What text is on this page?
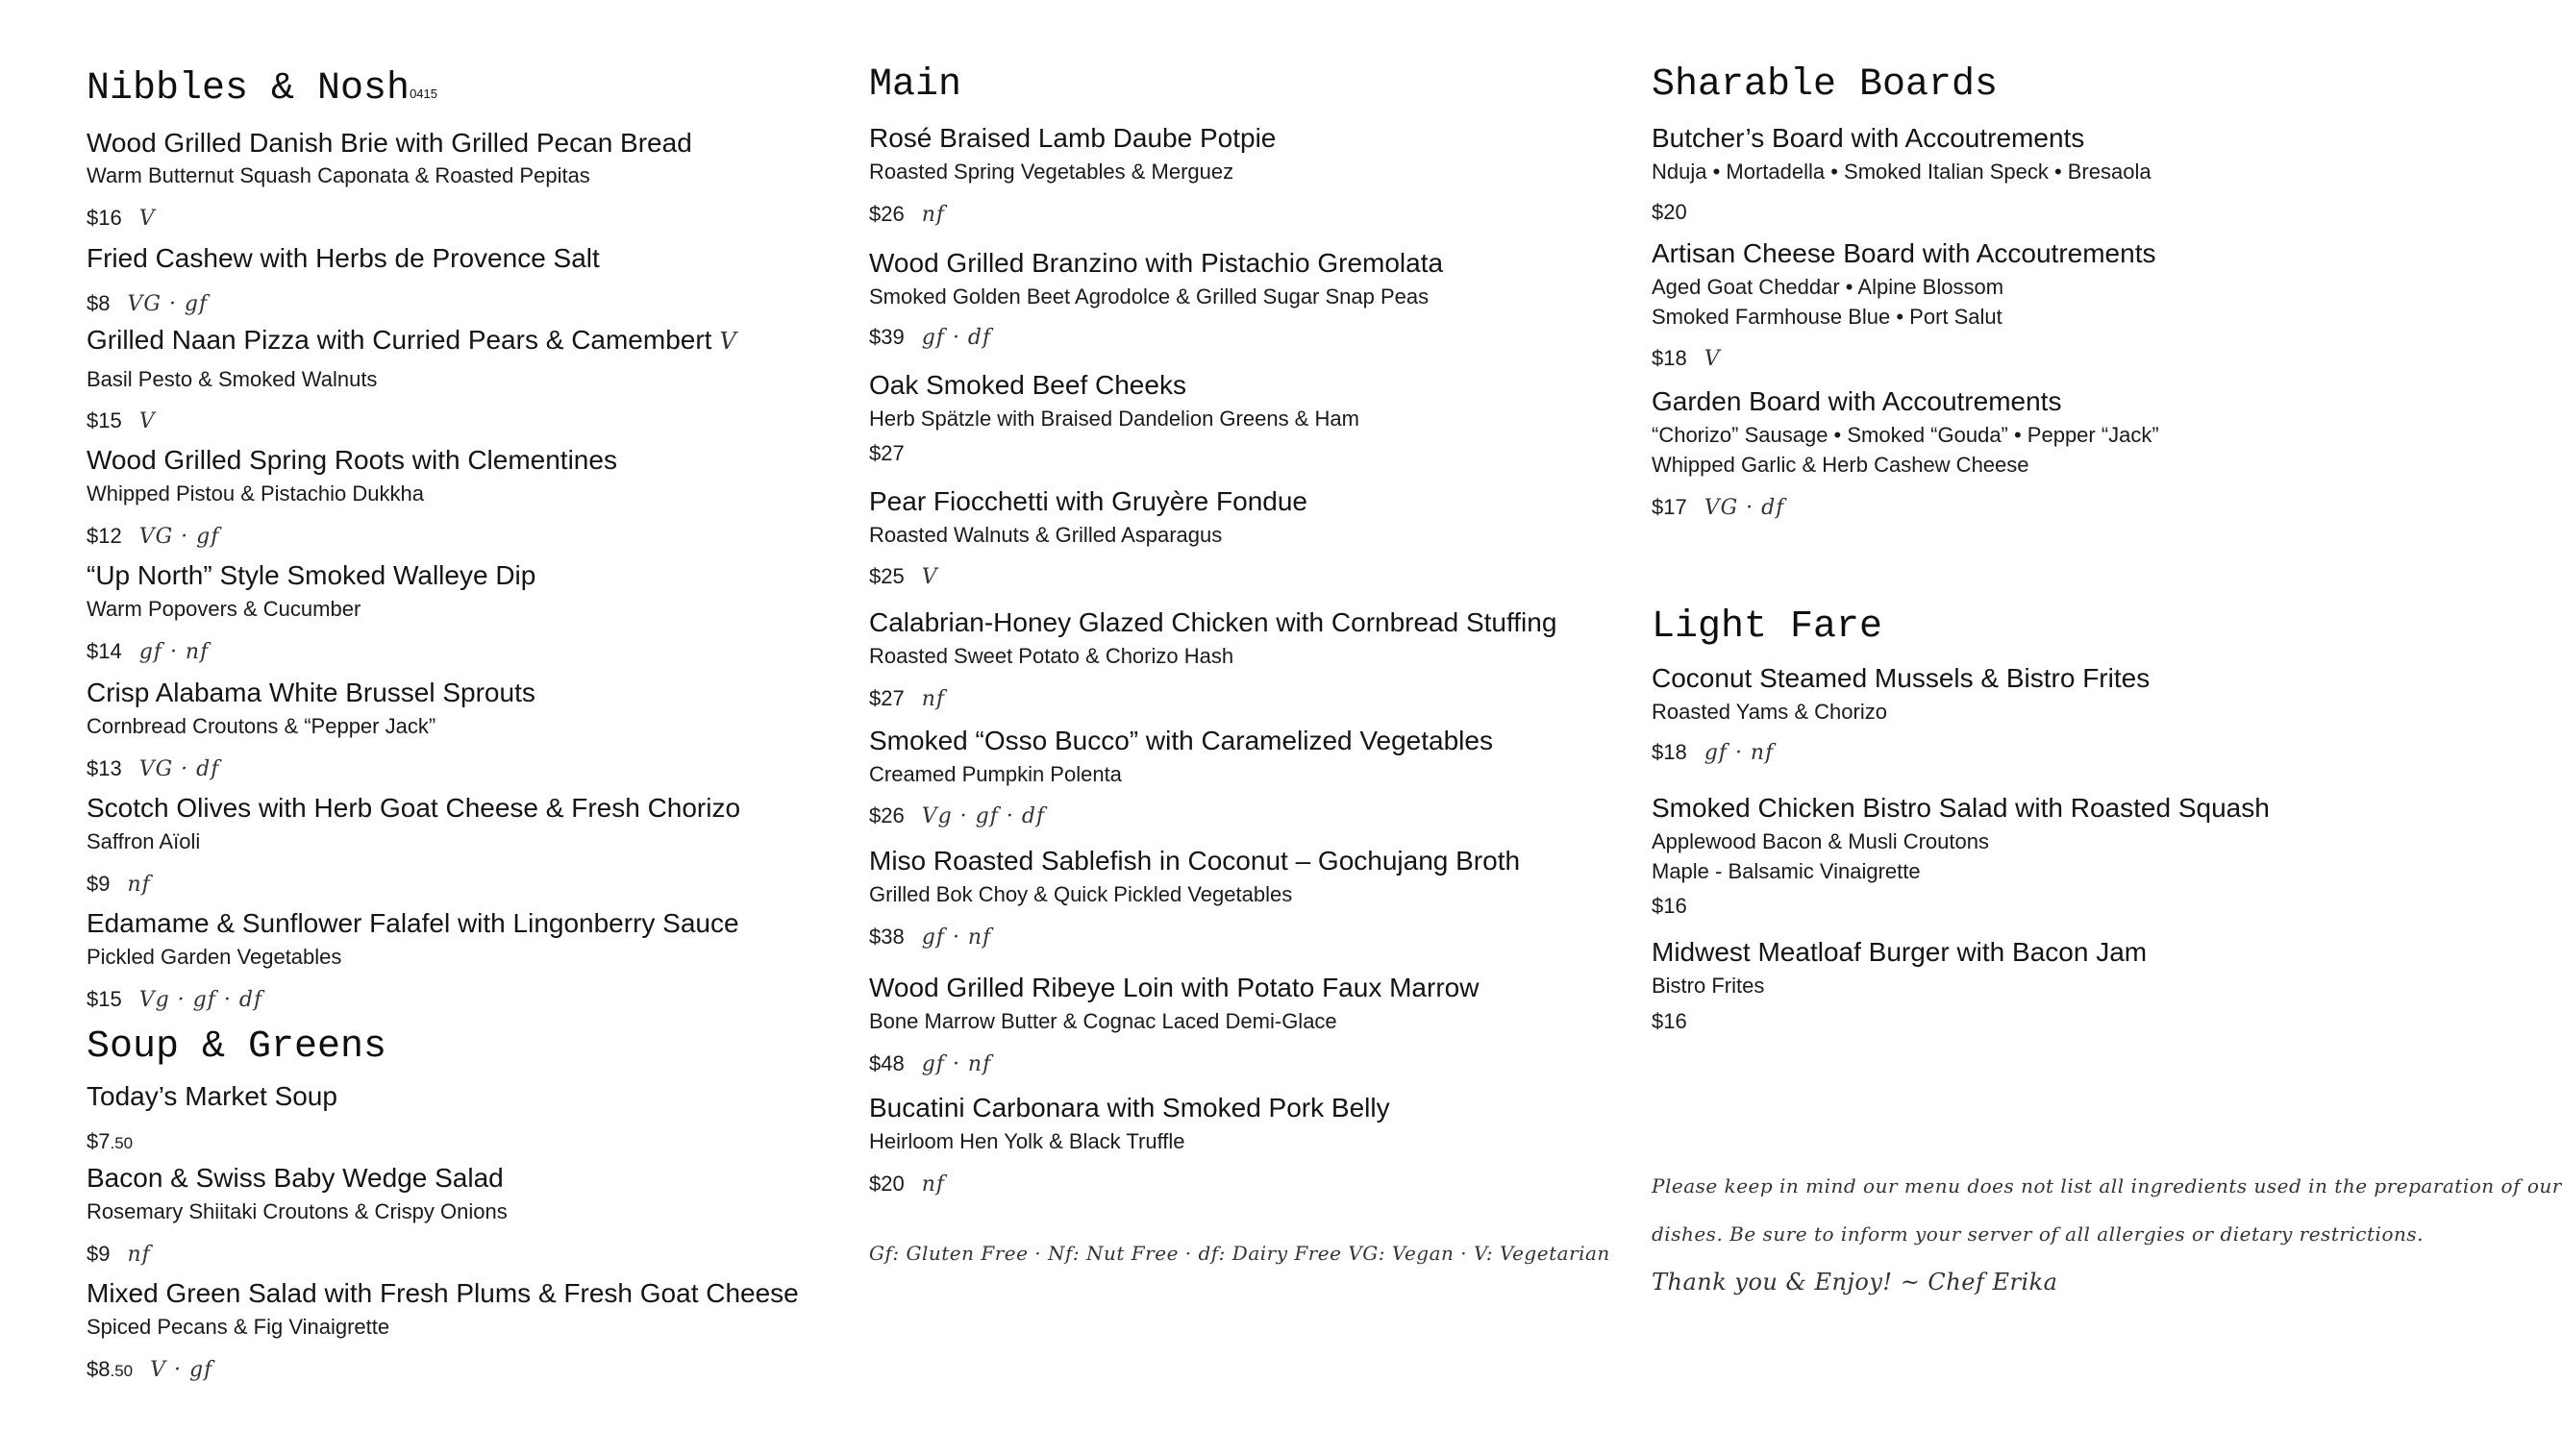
Nibbles & Nosh0415
Wood Grilled Danish Brie with Grilled Pecan Bread
Warm Butternut Squash Caponata & Roasted Pepitas
$16 V
Fried Cashew with Herbs de Provence Salt
$8 VG · gf
Grilled Naan Pizza with Curried Pears & Camembert V
Basil Pesto & Smoked Walnuts
$15 V
Wood Grilled Spring Roots with Clementines
Whipped Pistou & Pistachio Dukkha
$12 VG · gf
“Up North” Style Smoked Walleye Dip
Warm Popovers & Cucumber
$14 gf · nf
Crisp Alabama White Brussel Sprouts
Cornbread Croutons & “Pepper Jack”
$13 VG · df
Scotch Olives with Herb Goat Cheese & Fresh Chorizo
Saffron Aïoli
$9 nf
Edamame & Sunflower Falafel with Lingonberry Sauce
Pickled Garden Vegetables
$15 Vg · gf · df
Soup & Greens
Today’s Market Soup
$7.50
Bacon & Swiss Baby Wedge Salad
Rosemary Shiitaki Croutons & Crispy Onions
$9 nf
Mixed Green Salad with Fresh Plums & Fresh Goat Cheese
Spiced Pecans & Fig Vinaigrette
$8.50 V · gf
Main
Rosé Braised Lamb Daube Potpie
Roasted Spring Vegetables & Merguez
$26 nf
Wood Grilled Branzino with Pistachio Gremolata
Smoked Golden Beet Agrodolce & Grilled Sugar Snap Peas
$39 gf · df
Oak Smoked Beef Cheeks
Herb Spätzle with Braised Dandelion Greens & Ham
$27
Pear Fiocchetti with Gruyère Fondue
Roasted Walnuts & Grilled Asparagus
$25 V
Calabrian-Honey Glazed Chicken with Cornbread Stuffing
Roasted Sweet Potato & Chorizo Hash
$27 nf
Smoked “Osso Bucco” with Caramelized Vegetables
Creamed Pumpkin Polenta
$26 Vg · gf · df
Miso Roasted Sablefish in Coconut – Gochujang Broth
Grilled Bok Choy & Quick Pickled Vegetables
$38 gf · nf
Wood Grilled Ribeye Loin with Potato Faux Marrow
Bone Marrow Butter & Cognac Laced Demi-Glace
$48 gf · nf
Bucatini Carbonara with Smoked Pork Belly
Heirloom Hen Yolk & Black Truffle
$20 nf
Gf: Gluten Free · Nf: Nut Free · df: Dairy Free VG: Vegan · V: Vegetarian
Sharable Boards
Butcher’s Board with Accoutrements
Nduja • Mortadella • Smoked Italian Speck • Bresaola
$20
Artisan Cheese Board with Accoutrements
Aged Goat Cheddar • Alpine Blossom
Smoked Farmhouse Blue • Port Salut
$18 V
Garden Board with Accoutrements
“Chorizo” Sausage • Smoked “Gouda” • Pepper “Jack”
Whipped Garlic & Herb Cashew Cheese
$17 VG · df
Light Fare
Coconut Steamed Mussels & Bistro Frites
Roasted Yams & Chorizo
$18 gf · nf
Smoked Chicken Bistro Salad with Roasted Squash
Applewood Bacon & Musli Croutons
Maple - Balsamic Vinaigrette
$16
Midwest Meatloaf Burger with Bacon Jam
Bistro Frites
$16
Please keep in mind our menu does not list all ingredients used in the preparation of our
dishes. Be sure to inform your server of all allergies or dietary restrictions.
Thank you & Enjoy! ~ Chef Erika
